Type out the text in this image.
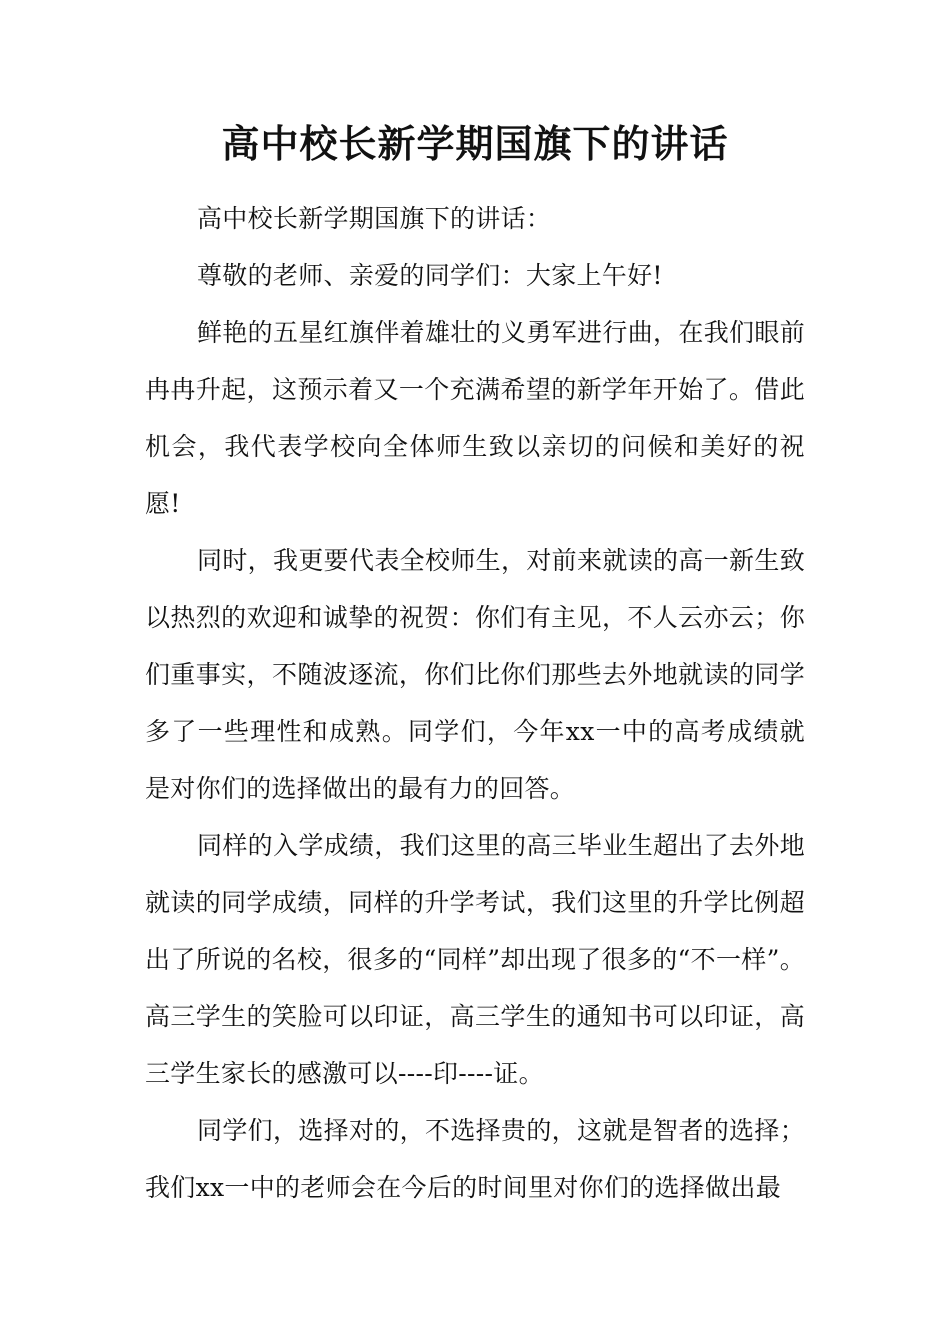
高中校长新学期国旗下的讲话

高中校长新学期国旗下的讲话：

尊敬的老师、亲爱的同学们：大家上午好!

鲜艳的五星红旗伴着雄壮的义勇军进行曲，在我们眼前冉冉升起，这预示着又一个充满希望的新学年开始了。借此机会，我代表学校向全体师生致以亲切的问候和美好的祝愿!

同时，我更要代表全校师生，对前来就读的高一新生致以热烈的欢迎和诚挚的祝贺：你们有主见，不人云亦云；你们重事实，不随波逐流，你们比你们那些去外地就读的同学多了一些理性和成熟。同学们，今年xx一中的高考成绩就是对你们的选择做出的最有力的回答。

同样的入学成绩，我们这里的高三毕业生超出了去外地就读的同学成绩，同样的升学考试，我们这里的升学比例超出了所说的名校，很多的“同样”却出现了很多的“不一样”。高三学生的笑脸可以印证，高三学生的通知书可以印证，高三学生家长的感激可以----印----证。

同学们，选择对的，不选择贵的，这就是智者的选择；我们xx一中的老师会在今后的时间里对你们的选择做出最
